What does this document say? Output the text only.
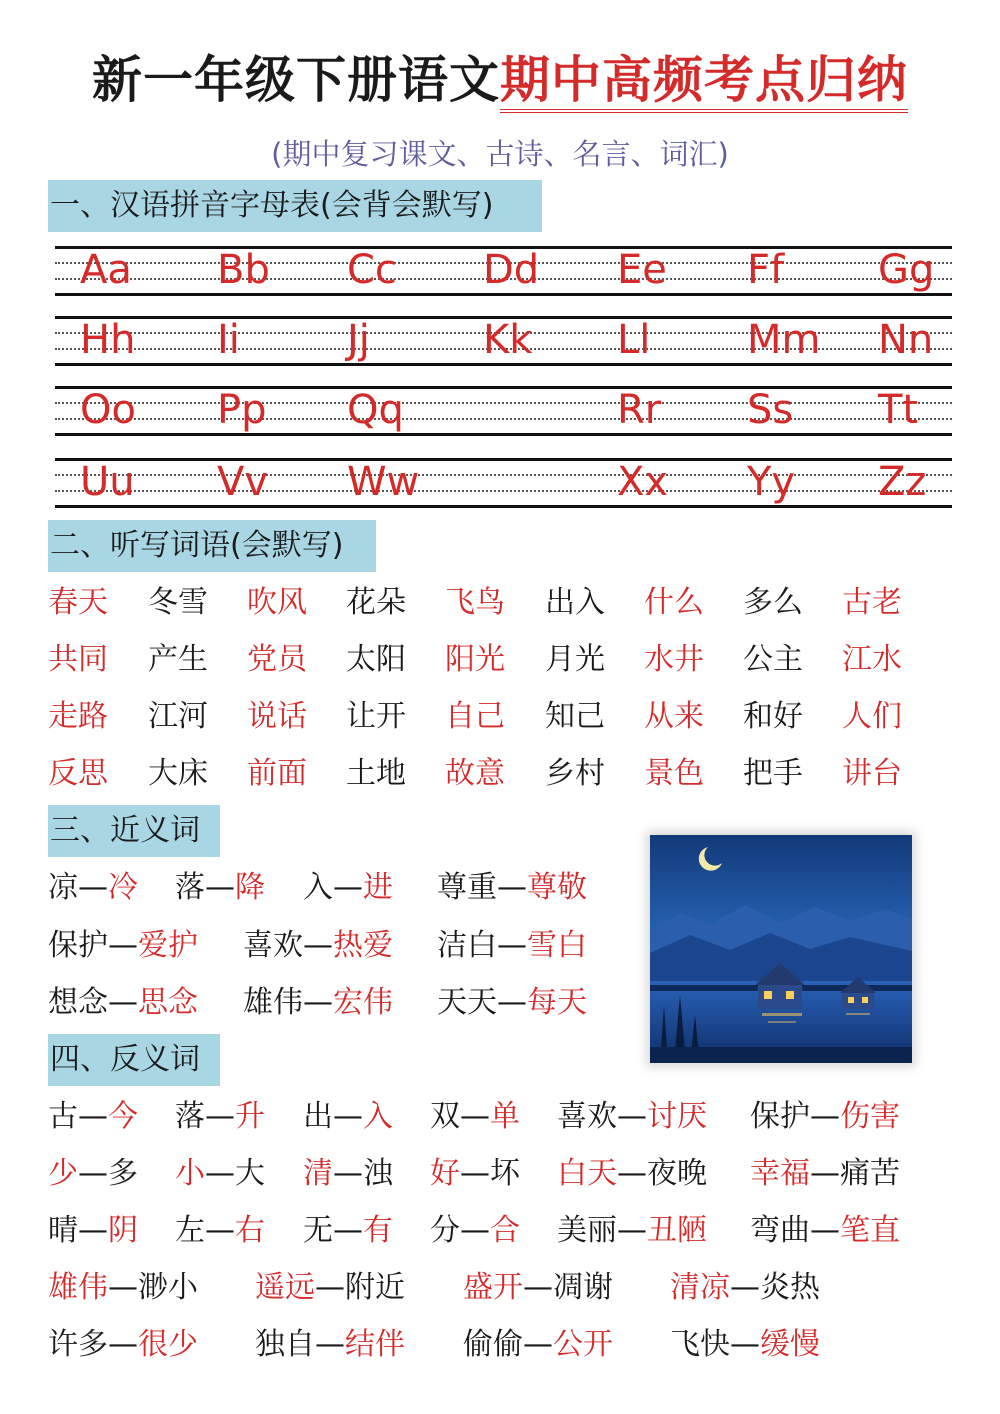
新一年级下册语文期中高频考点归纳
(期中复习课文、古诗、名言、词汇)
一、汉语拼音字母表(会背会默写)
Aa Bb Cc Dd Ee Ff Gg
Hh Ii	Jj	Kk Ll Mm Nn
Oo Pp Qq	Rr Ss Tt
Uu Vv Ww	Xx Yy Zz
二、听写词语(会默写)
春天 冬雪 吹风 花朵 飞鸟 出入 什么 多么 古老
共同 产生 党员 太阳 阳光 月光 水井 公主 江水
走路 江河 说话 让开 自己 知己 从来 和好 人们
反思 大床 前面 土地 故意 乡村 景色 把手 讲台
三、近义词
凉—冷 落—降 入—进 尊重—尊敬
保护—爱护 喜欢—热爱 洁白—雪白
想念—思念 雄伟—宏伟 天天—每天
四、反义词
古—今 落—升 出—入 双—单 喜欢—讨厌 保护—伤害
少—多 小—大 清—浊 好—坏 白天—夜晚 幸福—痛苦
晴—阴 左—右 无—有 分—合 美丽—丑陋 弯曲—笔直
雄伟—渺小 遥远—附近 盛开—凋谢 清凉—炎热
许多—很少 独自—结伴 偷偷—公开 飞快—缓慢
